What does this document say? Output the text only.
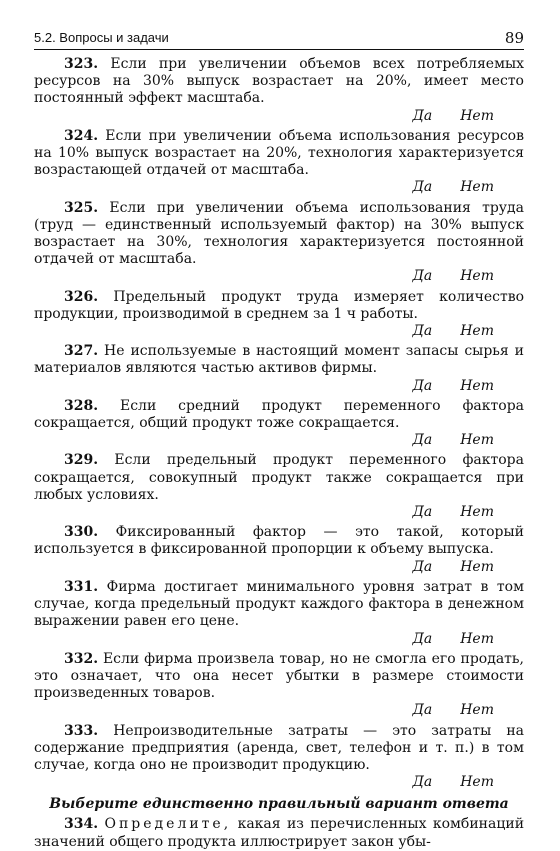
5.2. Вопросы и задачи	89

323. Если при увеличении объемов всех потребляемых ресурсов на 30% выпуск возрастает на 20%, имеет место постоянный эффект масштаба.

Да Нет

324. Если при увеличении объема использования ресурсов на 10% выпуск возрастает на 20%, технология характеризуется возрастающей отдачей от масштаба.

Да Нет

325. Если при увеличении объема использования труда (труд — единственный используемый фактор) на 30% выпуск возрастает на 30%, технология характеризуется постоянной отдачей от масштаба.

Да Нет

326. Предельный продукт труда измеряет количество продукции, производимой в среднем за 1 ч работы.

Да Нет

327. Не используемые в настоящий момент запасы сырья и материалов являются частью активов фирмы.

Да Нет

328. Если средний продукт переменного фактора сокращается, общий продукт тоже сокращается.

Да Нет

329. Если предельный продукт переменного фактора сокращается, совокупный продукт также сокращается при любых условиях.

Да Нет

330. Фиксированный фактор — это такой, который используется в фиксированной пропорции к объему выпуска.

Да Нет

331. Фирма достигает минимального уровня затрат в том случае, когда предельный продукт каждого фактора в денежном выражении равен его цене.

Да Нет

332. Если фирма произвела товар, но не смогла его продать, это означает, что она несет убытки в размере стоимости произведенных товаров.

Да Нет

333. Непроизводительные затраты — это затраты на содержание предприятия (аренда, свет, телефон и т. п.) в том случае, когда оно не производит продукцию.

Да Нет
Выберите единственно правильный вариант ответа

334. Определите, какая из перечисленных комбинаций значений общего продукта иллюстрирует закон убы-
